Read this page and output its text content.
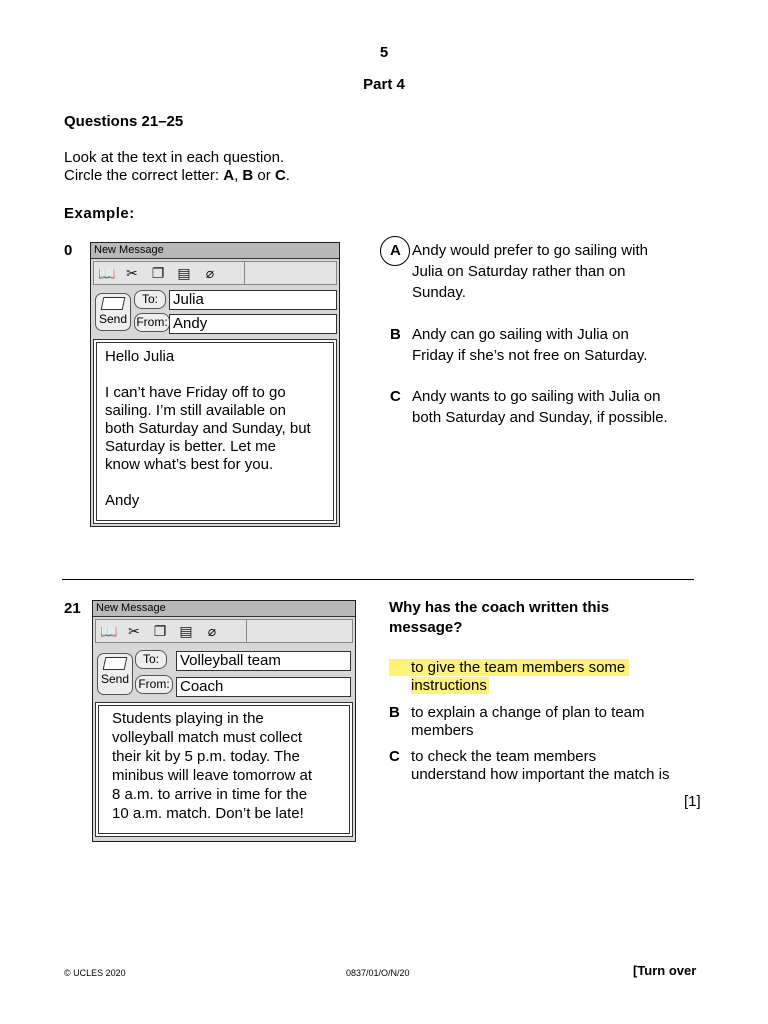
5
Part 4
Questions 21–25
Look at the text in each question.
Circle the correct letter: A, B or C.
Example:
0 New Message
📖 ✂ ❐ ▤ ⌀
Send
To:	Julia
From: Andy
Hello Julia
I can’t have Friday off to go
sailing. I’m still available on
both Saturday and Sunday, but
Saturday is better. Let me
know what’s best for you.
Andy
A Andy would prefer to go sailing with
Julia on Saturday rather than on
Sunday.
B Andy can go sailing with Julia on
Friday if she’s not free on Saturday.
C Andy wants to go sailing with Julia on
both Saturday and Sunday, if possible.
21 New Message
📖 ✂ ❐ ▤ ⌀
Send
To:	Volleyball team
From: Coach
Students playing in the
volleyball match must collect
their kit by 5 p.m. today. The
minibus will leave tomorrow at
8 a.m. to arrive in time for the
10 a.m. match. Don’t be late!
Why has the coach written this
message?
to give the team members some
instructions
B to explain a change of plan to team
members
C to check the team members
understand how important the match is
[1]
© UCLES 2020	0837/01/O/N/20	[Turn over
